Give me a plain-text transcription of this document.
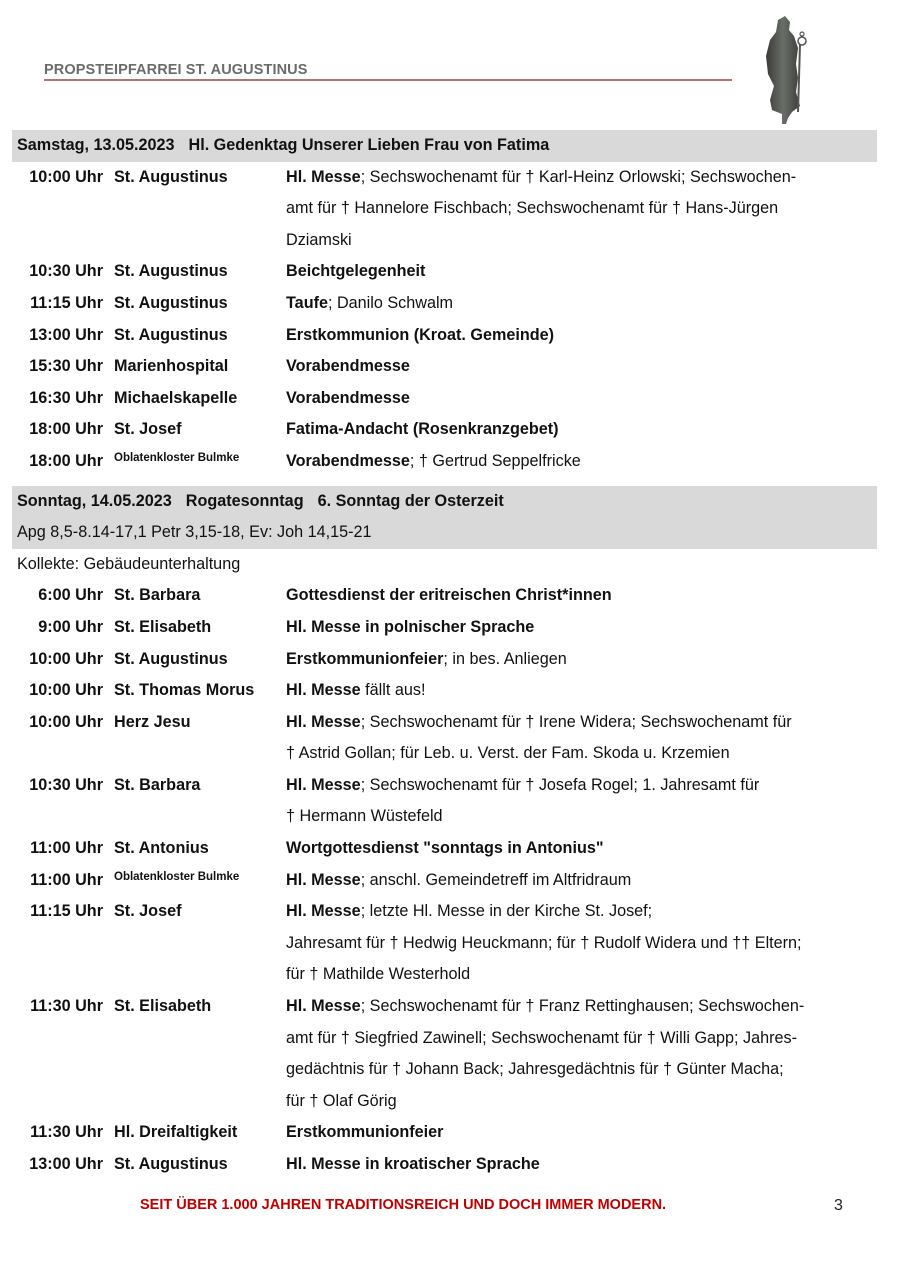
PROPSTEIPFARREI ST. AUGUSTINUS
Samstag, 13.05.2023 Hl. Gedenktag Unserer Lieben Frau von Fatima
10:00 Uhr St. Augustinus	Hl. Messe; Sechswochenamt für † Karl-Heinz Orlowski; Sechswochen-
amt für † Hannelore Fischbach; Sechswochenamt für † Hans-Jürgen
Dziamski
10:30 Uhr St. Augustinus	Beichtgelegenheit
11:15 Uhr St. Augustinus	Taufe; Danilo Schwalm
13:00 Uhr St. Augustinus	Erstkommunion (Kroat. Gemeinde)
15:30 Uhr Marienhospital	Vorabendmesse
16:30 Uhr Michaelskapelle	Vorabendmesse
18:00 Uhr St. Josef	Fatima-Andacht (Rosenkranzgebet)
18:00 Uhr Oblatenkloster Bulmke	Vorabendmesse; † Gertrud Seppelfricke
Sonntag, 14.05.2023 Rogatesonntag 6. Sonntag der Osterzeit
Apg 8,5-8.14-17,1 Petr 3,15-18, Ev: Joh 14,15-21
Kollekte: Gebäudeunterhaltung
6:00 Uhr St. Barbara	Gottesdienst der eritreischen Christ*innen
9:00 Uhr St. Elisabeth	Hl. Messe in polnischer Sprache
10:00 Uhr St. Augustinus	Erstkommunionfeier; in bes. Anliegen
10:00 Uhr St. Thomas Morus	Hl. Messe fällt aus!
10:00 Uhr Herz Jesu	Hl. Messe; Sechswochenamt für † Irene Widera; Sechswochenamt für
† Astrid Gollan; für Leb. u. Verst. der Fam. Skoda u. Krzemien
10:30 Uhr St. Barbara	Hl. Messe; Sechswochenamt für † Josefa Rogel; 1. Jahresamt für
† Hermann Wüstefeld
11:00 Uhr St. Antonius	Wortgottesdienst "sonntags in Antonius"
11:00 Uhr Oblatenkloster Bulmke	Hl. Messe; anschl. Gemeindetreff im Altfridraum
11:15 Uhr St. Josef	Hl. Messe; letzte Hl. Messe in der Kirche St. Josef;
Jahresamt für † Hedwig Heuckmann; für † Rudolf Widera und †† Eltern;
für † Mathilde Westerhold
11:30 Uhr St. Elisabeth	Hl. Messe; Sechswochenamt für † Franz Rettinghausen; Sechswochen-
amt für † Siegfried Zawinell; Sechswochenamt für † Willi Gapp; Jahres-
gedächtnis für † Johann Back; Jahresgedächtnis für † Günter Macha;
für † Olaf Görig
11:30 Uhr Hl. Dreifaltigkeit	Erstkommunionfeier
13:00 Uhr St. Augustinus	Hl. Messe in kroatischer Sprache
SEIT ÜBER 1.000 JAHREN TRADITIONSREICH UND DOCH IMMER MODERN.	3
